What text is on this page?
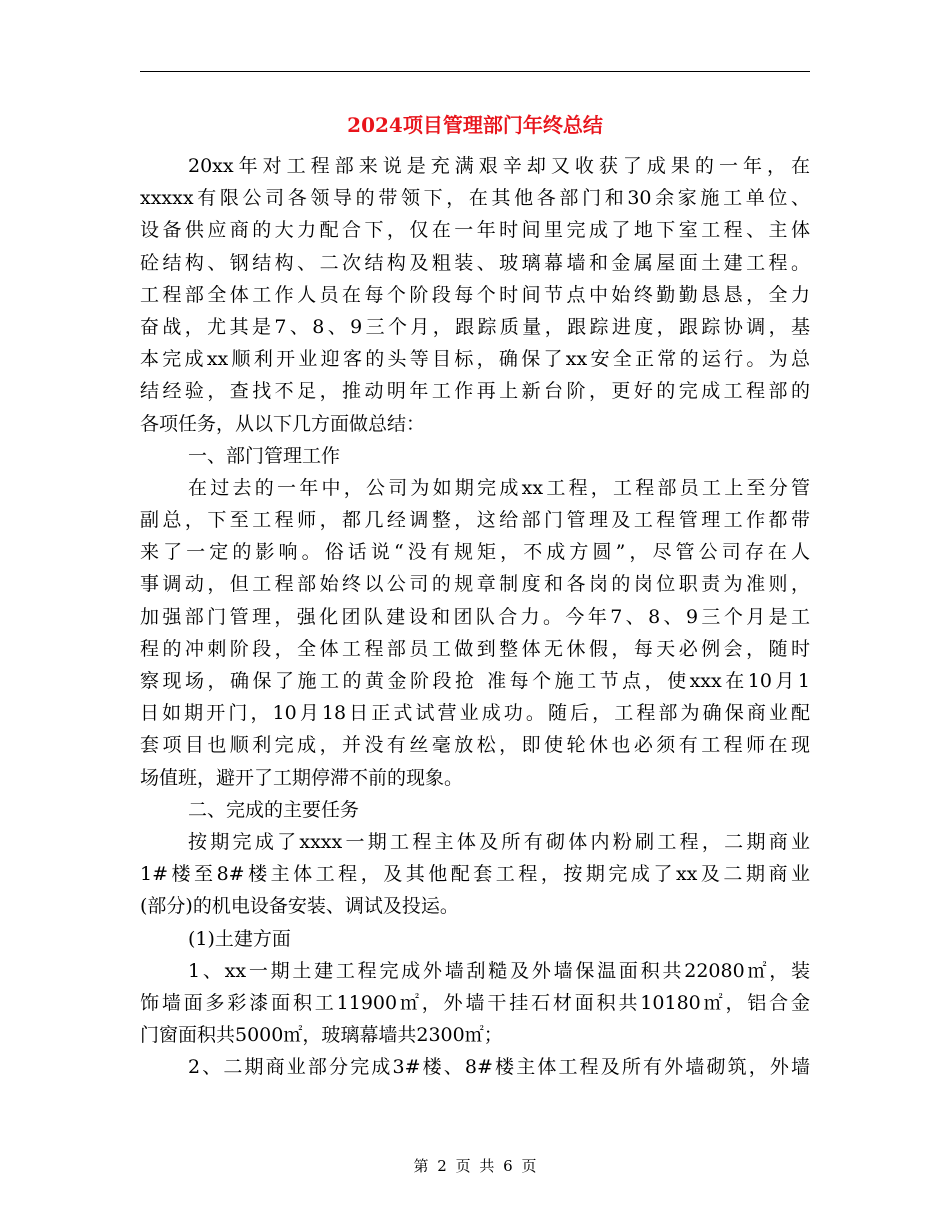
2024项目管理部门年终总结
20xx年对工程部来说是充满艰辛却又收获了成果的一年，在
xxxxx有限公司各领导的带领下，在其他各部门和30余家施工单位、
设备供应商的大力配合下，仅在一年时间里完成了地下室工程、主体
砼结构、钢结构、二次结构及粗装、玻璃幕墙和金属屋面土建工程。
工程部全体工作人员在每个阶段每个时间节点中始终勤勤恳恳，全力
奋战，尤其是7、8、9三个月，跟踪质量，跟踪进度，跟踪协调，基
本完成xx顺利开业迎客的头等目标，确保了xx安全正常的运行。为总
结经验，查找不足，推动明年工作再上新台阶，更好的完成工程部的
各项任务，从以下几方面做总结：
一、部门管理工作
在过去的一年中，公司为如期完成xx工程，工程部员工上至分管
副总，下至工程师，都几经调整，这给部门管理及工程管理工作都带
来了一定的影响。俗话说“没有规矩，不成方圆”，尽管公司存在人
事调动，但工程部始终以公司的规章制度和各岗的岗位职责为准则，
加强部门管理，强化团队建设和团队合力。今年7、8、9三个月是工
程的冲刺阶段，全体工程部员工做到整体无休假，每天必例会，随时
察现场，确保了施工的黄金阶段抢 准每个施工节点，使xxx在10月1
日如期开门，10月18日正式试营业成功。随后，工程部为确保商业配
套项目也顺利完成，并没有丝毫放松，即使轮休也必须有工程师在现
场值班，避开了工期停滞不前的现象。
二、完成的主要任务
按期完成了xxxx一期工程主体及所有砌体内粉刷工程，二期商业
1#楼至8#楼主体工程，及其他配套工程，按期完成了xx及二期商业
(部分)的机电设备安装、调试及投运。
(1)土建方面
1、xx一期土建工程完成外墙刮糙及外墙保温面积共22080㎡，装
饰墙面多彩漆面积工11900㎡，外墙干挂石材面积共10180㎡，铝合金
门窗面积共5000㎡，玻璃幕墙共2300㎡；
2、二期商业部分完成3#楼、8#楼主体工程及所有外墙砌筑，外墙
第 2 页 共 6 页
